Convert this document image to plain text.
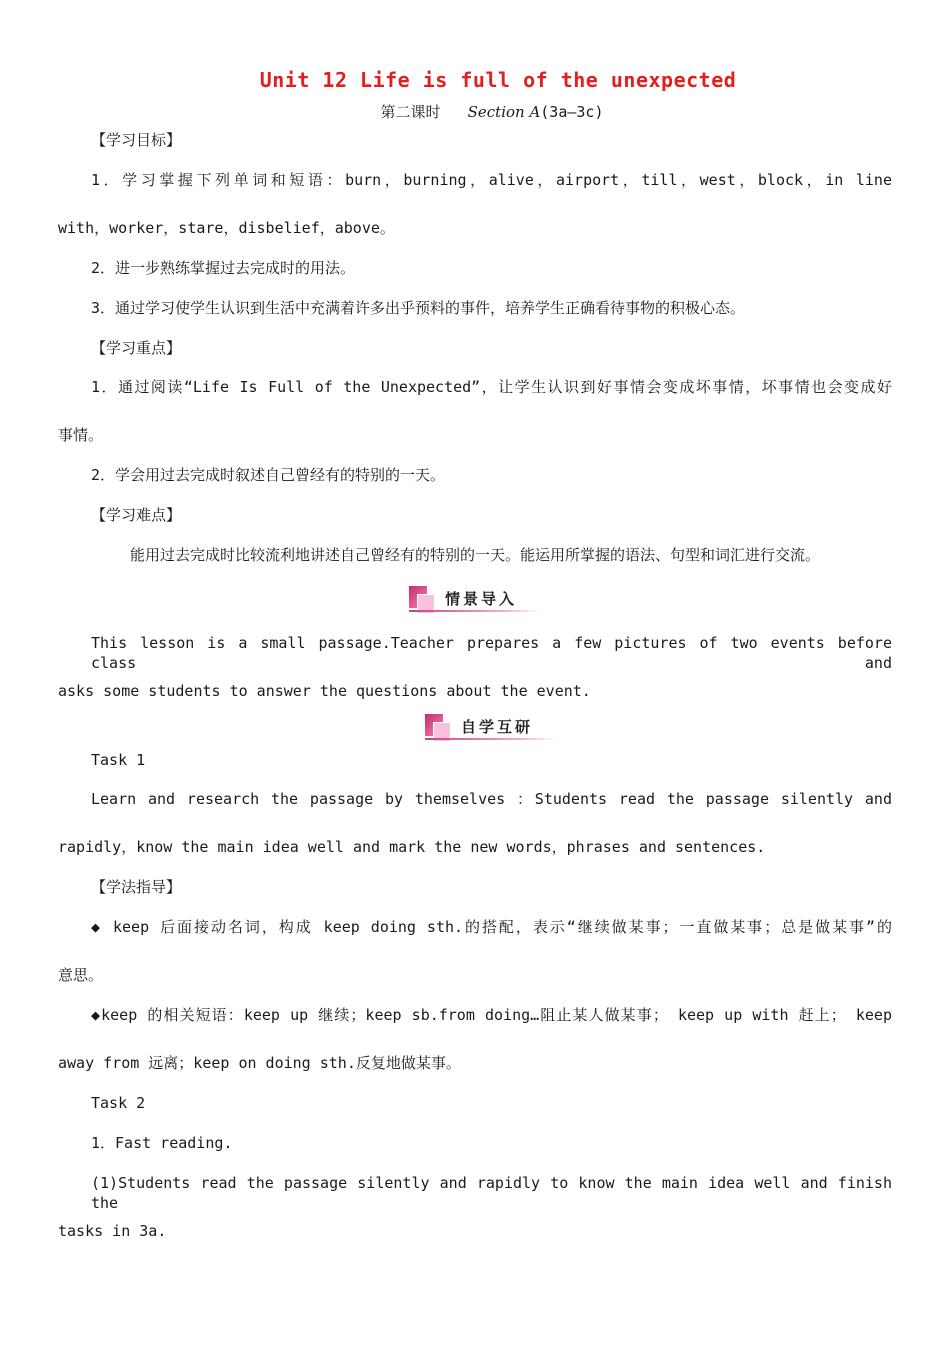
Unit 12 Life is full of the unexpected
第二课时 Section A(3a—3c)
【学习目标】
1．学习掌握下列单词和短语：burn，burning，alive，airport，till，west，block，in line
with，worker，stare，disbelief，above。
2．进一步熟练掌握过去完成时的用法。
3．通过学习使学生认识到生活中充满着许多出乎预料的事件，培养学生正确看待事物的积极心态。
【学习重点】
1．通过阅读“Life Is Full of the Unexpected”，让学生认识到好事情会变成坏事情，坏事情也会变成好
事情。
2．学会用过去完成时叙述自己曾经有的特别的一天。
【学习难点】
能用过去完成时比较流利地讲述自己曾经有的特别的一天。能运用所掌握的语法、句型和词汇进行交流。
情景导入
This lesson is a small passage.Teacher prepares a few pictures of two events before class and
asks some students to answer the questions about the event.
自学互研
Task 1
Learn and research the passage by themselves ：Students read the passage silently and
rapidly，know the main idea well and mark the new words，phrases and sentences.
【学法指导】
◆ keep 后面接动名词，构成 keep doing sth.的搭配，表示“继续做某事；一直做某事；总是做某事”的
意思。
◆keep 的相关短语：keep up 继续；keep sb.from doing…阻止某人做某事； keep up with 赶上； keep
away from 远离；keep on doing sth.反复地做某事。
Task 2
1．Fast reading.
(1)Students read the passage silently and rapidly to know the main idea well and finish the
tasks in 3a.
